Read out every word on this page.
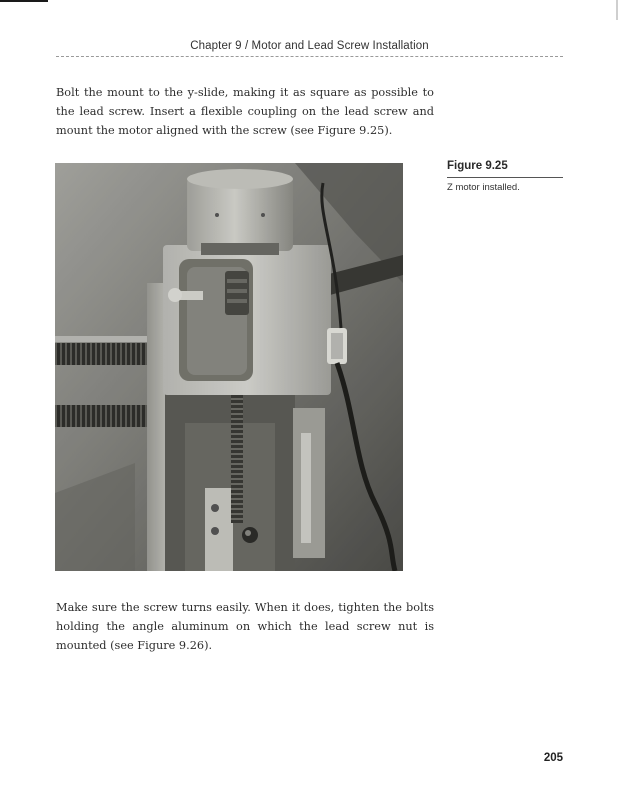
Chapter 9 / Motor and Lead Screw Installation

Bolt the mount to the y-slide, making it as square as possible to the lead screw. Insert a flexible coupling on the lead screw and mount the motor aligned with the screw (see Figure 9.25).

Figure 9.25
Z motor installed.

Make sure the screw turns easily. When it does, tighten the bolts holding the angle aluminum on which the lead screw nut is mounted (see Figure 9.26).

205
